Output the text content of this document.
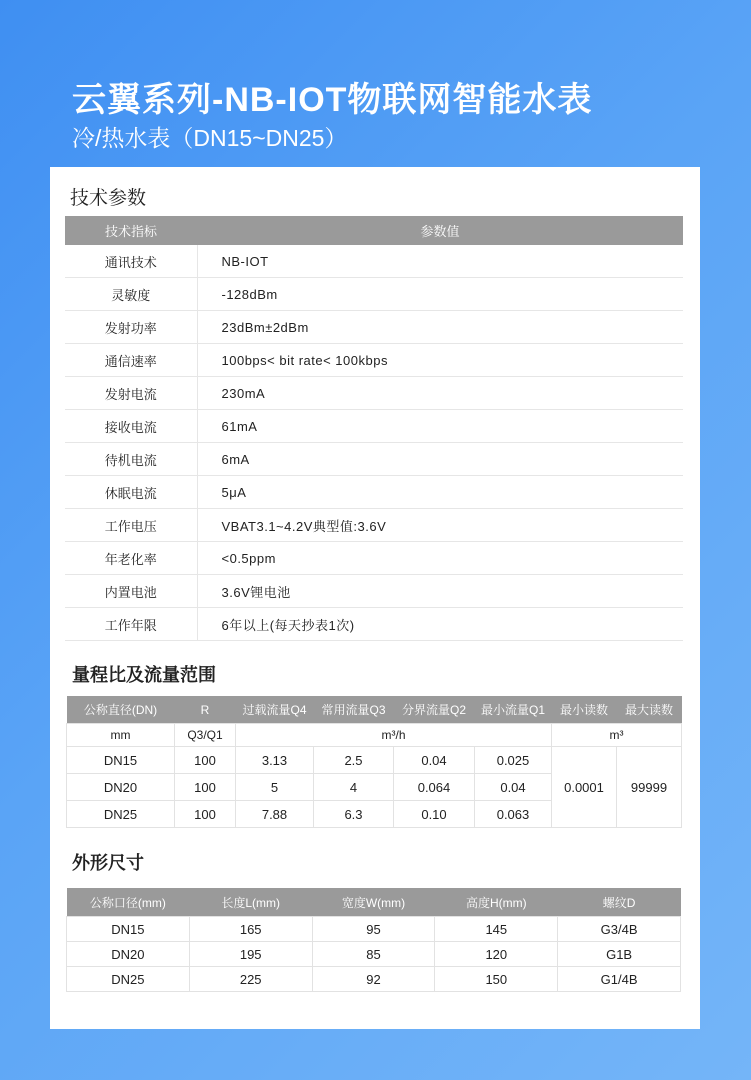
云翼系列-NB-IOT物联网智能水表
冷/热水表（DN15~DN25）
技术参数
技术指标	参数值
通讯技术	NB-IOT
灵敏度	-128dBm
发射功率	23dBm±2dBm
通信速率	100bps< bit rate< 100kbps
发射电流	230mA
接收电流	61mA
待机电流	6mA
休眠电流	5μA
工作电压	VBAT3.1~4.2V典型值:3.6V
年老化率	<0.5ppm
内置电池	3.6V锂电池
工作年限	6年以上(每天抄表1次)
量程比及流量范围
公称直径(DN)	R	过载流量Q4	常用流量Q3	分界流量Q2	最小流量Q1	最小读数	最大读数
mm	Q3/Q1	m³/h				m³	
DN15	100	3.13	2.5	0.04	0.025	0.0001	99999
DN20	100	5	4	0.064	0.04		
DN25	100	7.88	6.3	0.10	0.063		
外形尺寸
公称口径(mm)	长度L(mm)	宽度W(mm)	高度H(mm)	螺纹D
DN15	165	95	145	G3/4B
DN20	195	85	120	G1B
DN25	225	92	150	G1/4B
